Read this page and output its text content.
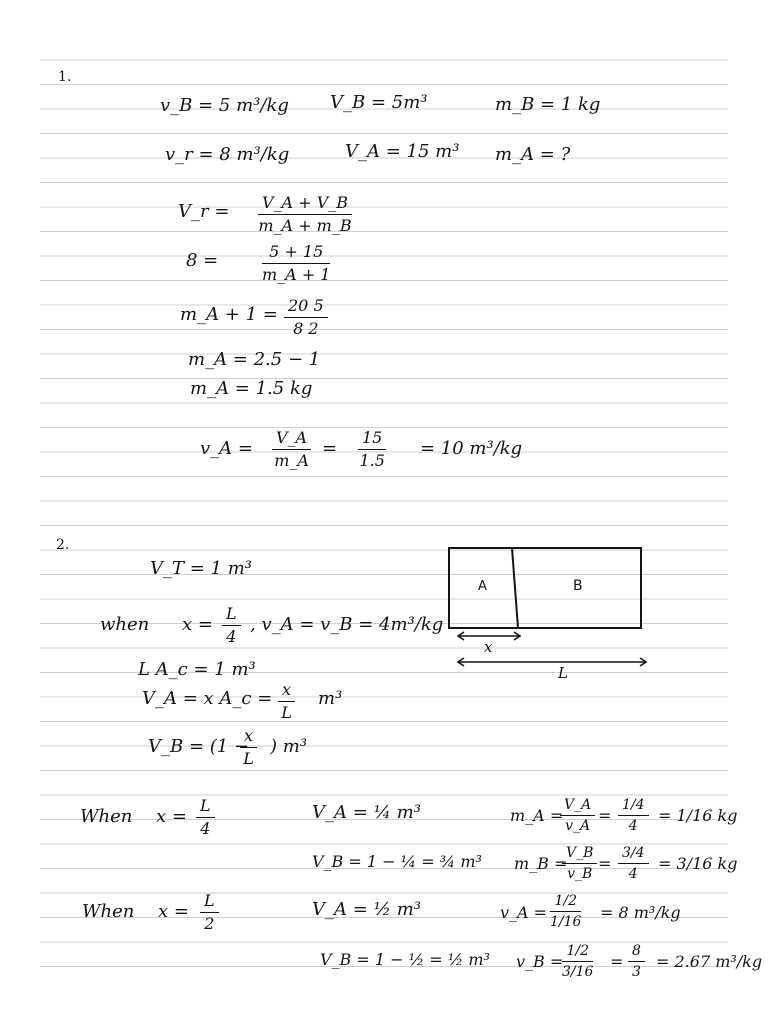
1.
v_B = 5 m³/kg V_B = 5m³	m_B = 1 kg
v_r = 8 m³/kg	V_A = 15 m³ m_A = ?
V_r = $\frac{V\_A + V\_B}{m\_A + m\_B}$
8 =	$\frac{5 + 15}{m\_A + 1}$
m_A + $1 = \frac{20 5}{8 2}$
m_A = 2.5 − 1
m_A = 1.5 kg
v_A = $\frac{V\_A}{m\_A} = \frac{15}{1.5} = 10$ m³/kg
2.
V_T = 1 m³
when $x = \frac{L}{4}$ , v_A = v_B = 4m³/kg
L A_c = 1 m³
V_A = x A_c = $\frac{x}{L} m^3$
V_B = (1 −
$\frac{x}{L}$ ) m³
A	B
x
L
When $x = \frac{L}{4}$	V_A = ¼ m³	m_A =
$\frac{V\_A}{v\_A} = \frac{1/4}{4} = 1/16$ kg
V_B = 1 − ¼ = ¾ m³ m_B =
$\frac{V\_B}{v\_B} = \frac{3/4}{4} = 3/16$ kg
When $x = \frac{L}{2}$	V_A = ½ m³	v_A = $\frac{1/2}{1/16} = 8$ m³/kg
V_B = 1 − ½ = ½ m³ v_B =
$\frac{1/2}{3/16} = \frac{8}{3} = 2.67$ m³/kg
